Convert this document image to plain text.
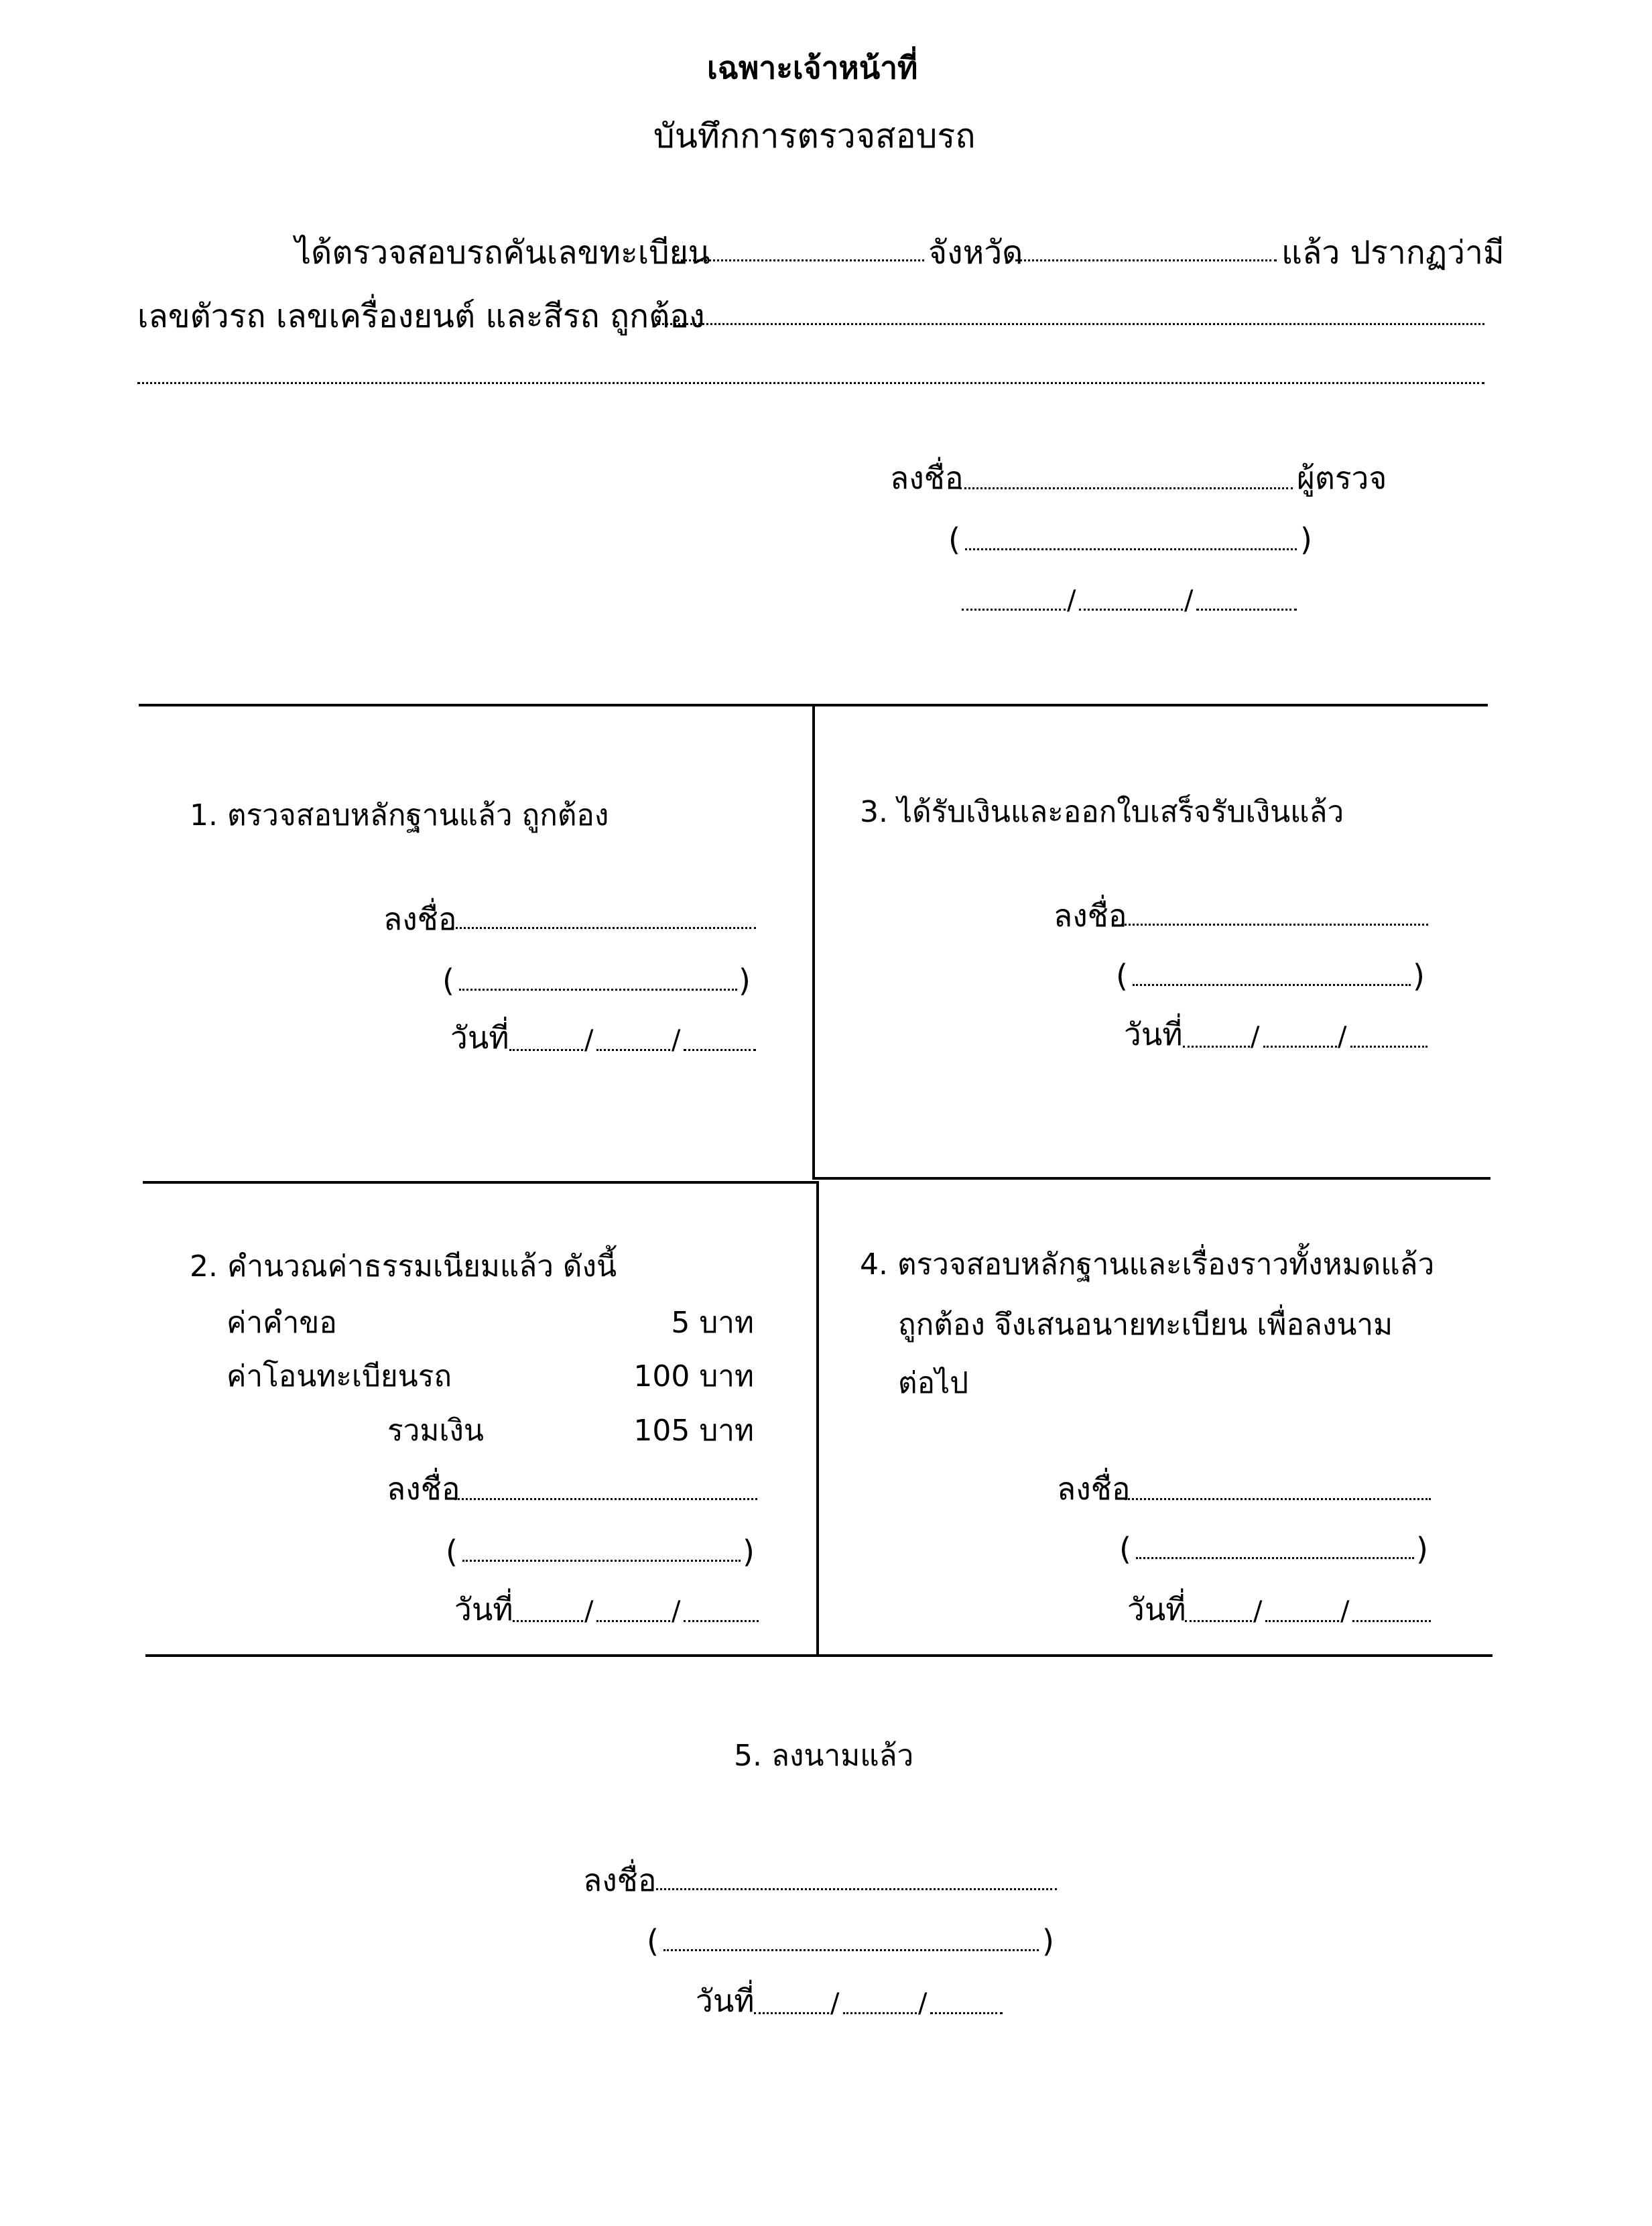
เฉพาะเจ้าหน้าที่
บันทึกการตรวจสอบรถ
ได้ตรวจสอบรถคันเลขทะเบียน	จังหวัด	แล้ว ปรากฏว่ามี
เลขตัวรถ เลขเครื่องยนต์ และสีรถ ถูกต้อง
ลงชื่อ	ผู้ตรวจ
(	)
/	/
1. ตรวจสอบหลักฐานแล้ว ถูกต้อง
ลงชื่อ
(	)
วันที่	/	/
3. ได้รับเงินและออกใบเสร็จรับเงินแล้ว
ลงชื่อ
(	)
วันที่	/	/
2. คำนวณค่าธรรมเนียมแล้ว ดังนี้
ค่าคำขอ	5 บาท
ค่าโอนทะเบียนรถ	100 บาท
รวมเงิน	105 บาท
ลงชื่อ
(	)
วันที่	/	/
4. ตรวจสอบหลักฐานและเรื่องราวทั้งหมดแล้ว
ถูกต้อง จึงเสนอนายทะเบียน เพื่อลงนาม
ต่อไป
ลงชื่อ
(	)
วันที่	/	/
5. ลงนามแล้ว
ลงชื่อ
(	)
วันที่	/	/
